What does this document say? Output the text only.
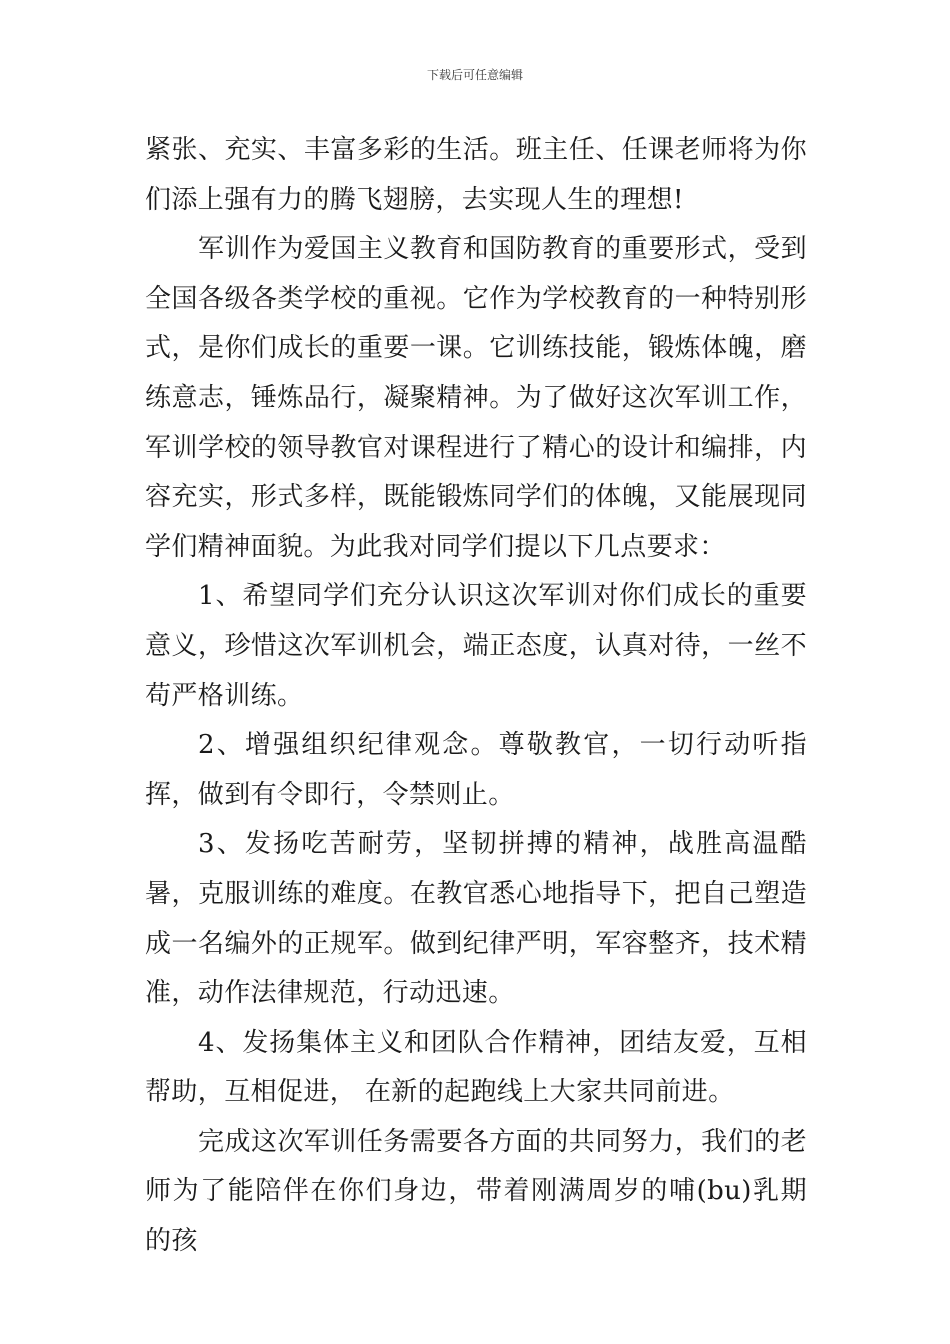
下载后可任意编辑

紧张、充实、丰富多彩的生活。班主任、任课老师将为你们添上强有力的腾飞翅膀，去实现人生的理想!

军训作为爱国主义教育和国防教育的重要形式，受到全国各级各类学校的重视。它作为学校教育的一种特别形式，是你们成长的重要一课。它训练技能，锻炼体魄，磨练意志，锤炼品行，凝聚精神。为了做好这次军训工作，军训学校的领导教官对课程进行了精心的设计和编排，内容充实，形式多样，既能锻炼同学们的体魄，又能展现同学们精神面貌。为此我对同学们提以下几点要求：

1、希望同学们充分认识这次军训对你们成长的重要意义，珍惜这次军训机会，端正态度，认真对待，一丝不苟严格训练。

2、增强组织纪律观念。尊敬教官，一切行动听指挥，做到有令即行，令禁则止。

3、发扬吃苦耐劳，坚韧拼搏的精神，战胜高温酷暑，克服训练的难度。在教官悉心地指导下，把自己塑造成一名编外的正规军。做到纪律严明，军容整齐，技术精准，动作法律规范，行动迅速。

4、发扬集体主义和团队合作精神，团结友爱，互相帮助，互相促进， 在新的起跑线上大家共同前进。

完成这次军训任务需要各方面的共同努力，我们的老师为了能陪伴在你们身边，带着刚满周岁的哺(bu)乳期的孩
